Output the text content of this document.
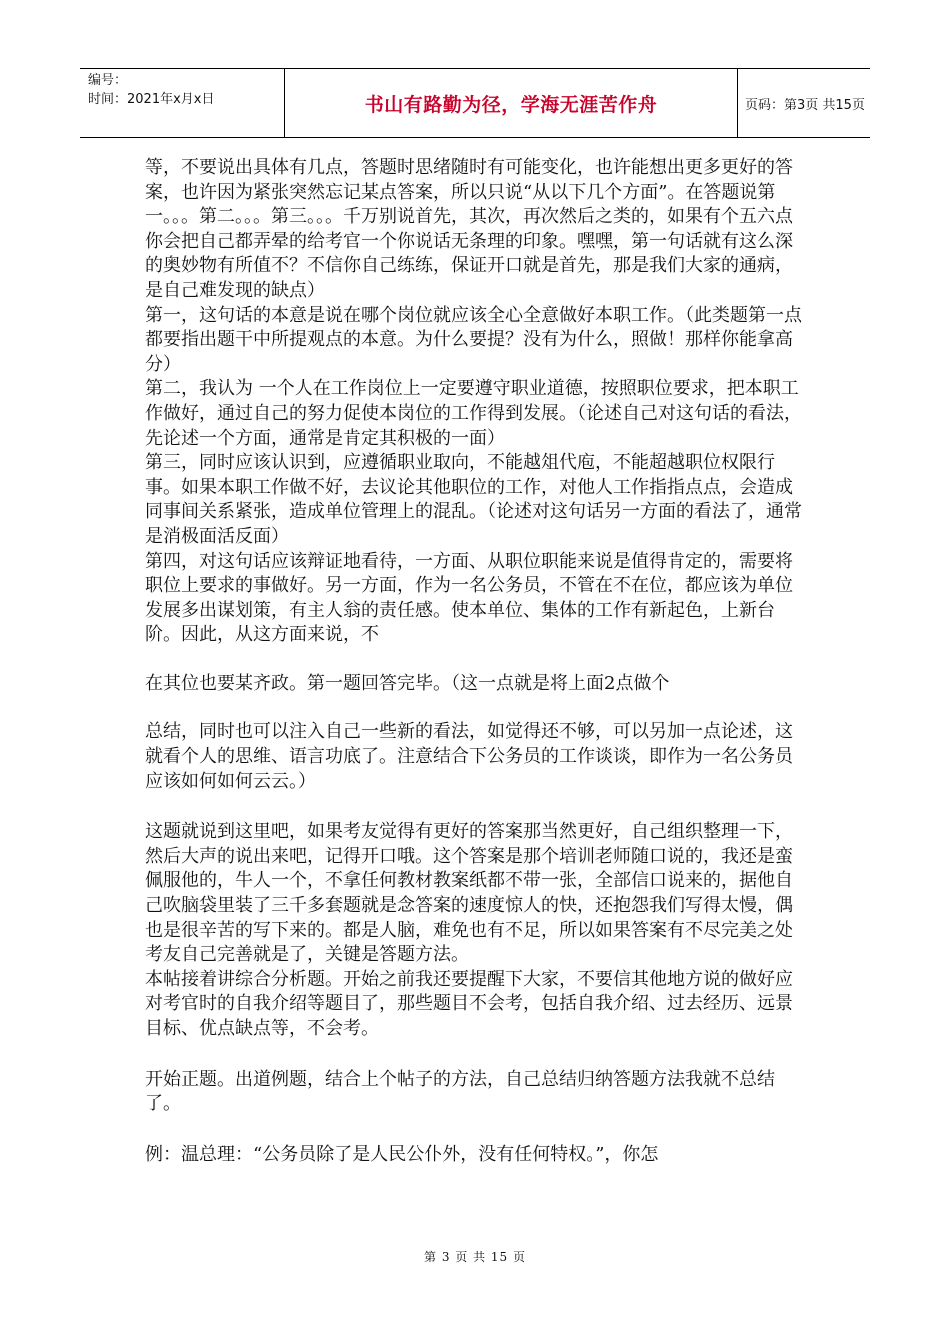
编号：
时间：2021年x月x日	书山有路勤为径，学海无涯苦作舟	页码：第3页 共15页

等，不要说出具体有几点，答题时思绪随时有可能变化，也许能想出更多更好的答案，也许因为紧张突然忘记某点答案，所以只说“从以下几个方面”。在答题说第一。。。第二。。。第三。。。千万别说首先，其次，再次然后之类的，如果有个五六点你会把自己都弄晕的给考官一个你说话无条理的印象。嘿嘿，第一句话就有这么深的奥妙物有所值不？不信你自己练练，保证开口就是首先，那是我们大家的通病，是自己难发现的缺点）

第一，这句话的本意是说在哪个岗位就应该全心全意做好本职工作。（此类题第一点都要指出题干中所提观点的本意。为什么要提？没有为什么，照做！那样你能拿高分）

第二，我认为 一个人在工作岗位上一定要遵守职业道德，按照职位要求，把本职工作做好，通过自己的努力促使本岗位的工作得到发展。（论述自己对这句话的看法，先论述一个方面，通常是肯定其积极的一面）

第三，同时应该认识到，应遵循职业取向，不能越俎代庖，不能超越职位权限行事。如果本职工作做不好，去议论其他职位的工作，对他人工作指指点点，会造成同事间关系紧张，造成单位管理上的混乱。（论述对这句话另一方面的看法了，通常是消极面活反面）

第四，对这句话应该辩证地看待，一方面、从职位职能来说是值得肯定的，需要将职位上要求的事做好。另一方面，作为一名公务员，不管在不在位，都应该为单位发展多出谋划策，有主人翁的责任感。使本单位、集体的工作有新起色，上新台阶。因此，从这方面来说，不

在其位也要某齐政。第一题回答完毕。（这一点就是将上面2点做个

总结，同时也可以注入自己一些新的看法，如觉得还不够，可以另加一点论述，这就看个人的思维、语言功底了。注意结合下公务员的工作谈谈，即作为一名公务员应该如何如何云云。）

这题就说到这里吧，如果考友觉得有更好的答案那当然更好，自己组织整理一下，然后大声的说出来吧，记得开口哦。这个答案是那个培训老师随口说的，我还是蛮佩服他的，牛人一个，不拿任何教材教案纸都不带一张，全部信口说来的，据他自己吹脑袋里装了三千多套题就是念答案的速度惊人的快，还抱怨我们写得太慢，偶也是很辛苦的写下来的。都是人脑，难免也有不足，所以如果答案有不尽完美之处考友自己完善就是了，关键是答题方法。

本帖接着讲综合分析题。开始之前我还要提醒下大家，不要信其他地方说的做好应对考官时的自我介绍等题目了，那些题目不会考，包括自我介绍、过去经历、远景目标、优点缺点等，不会考。

开始正题。出道例题，结合上个帖子的方法，自己总结归纳答题方法我就不总结了。

例：温总理：“公务员除了是人民公仆外，没有任何特权。”，你怎

第 3 页 共 15 页
